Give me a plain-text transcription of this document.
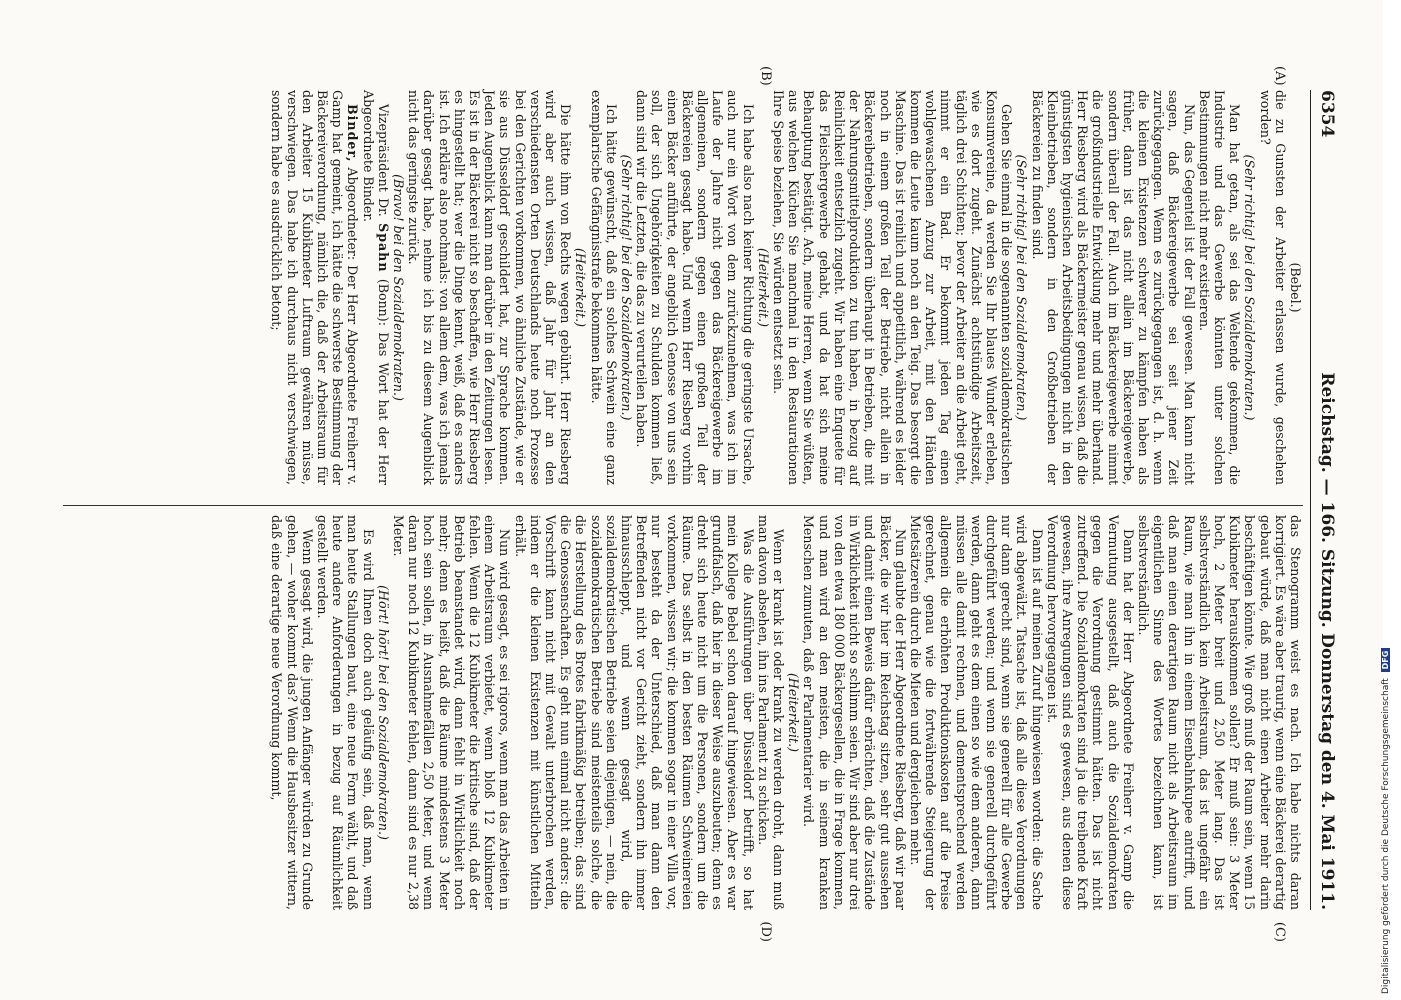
6354
Reichstag. — 166. Sitzung.
Donnerstag den 4. Mai 1911.
(A)
(B)
(C)
(D)

(Bebel.)

die zu Gunsten der Arbeiter erlassen wurde, geschehen worden?

(Sehr richtig! bei den Sozialdemokraten.)

Man hat getan, als sei das Weltende gekommen, die Industrie und das Gewerbe könnten unter solchen Bestimmungen nicht mehr existieren.

Nun, das Gegenteil ist der Fall gewesen. Man kann nicht sagen, daß Bäckereigewerbe sei seit jener Zeit zurückgegangen. Wenn es zurückgegangen ist, d. h. wenn die kleinen Existenzen schwerer zu kämpfen haben als früher, dann ist das nicht allein im Bäckereigewerbe, sondern überall der Fall. Auch im Bäckereigewerbe nimmt die großindustrielle Entwicklung mehr und mehr überhand. Herr Riesberg wird als Bäckermeister genau wissen, daß die günstigsten hygienischen Arbeitsbedingungen nicht in den Kleinbetrieben, sondern in den Großbetrieben der Bäckereien zu finden sind.

(Sehr richtig! bei den Sozialdemokraten.)

Gehen Sie einmal in die sogenannten sozialdemokratischen Konsumvereine, da werden Sie Ihr blaues Wunder erleben, wie es dort zugeht. Zunächst achtstündige Arbeitszeit, täglich drei Schichten; bevor der Arbeiter an die Arbeit geht, nimmt er ein Bad. Er bekommt jeden Tag einen wohlgewaschenen Anzug zur Arbeit, mit den Händen kommen die Leute kaum noch an den Teig. Das besorgt die Maschine. Das ist reinlich und appetitlich, während es leider noch in einem großen Teil der Betriebe, nicht allein in Bäckereibetrieben, sondern überhaupt in Betrieben, die mit der Nahrungsmittelproduktion zu tun haben, in bezug auf Reinlichkeit entsetzlich zugeht. Wir haben eine Enquete für das Fleischergewerbe gehabt, und da hat sich meine Behauptung bestätigt. Ach, meine Herren, wenn Sie wüßten, aus welchen Küchen Sie manchmal in den Restaurationen Ihre Speise beziehen, Sie würden entsetzt sein.

(Heiterkeit.)

Ich habe also nach keiner Richtung die geringste Ursache, auch nur ein Wort von dem zurückzunehmen, was ich im Laufe der Jahre nicht gegen das Bäckereigewerbe im allgemeinen, sondern gegen einen großen Teil der Bäckereien gesagt habe. Und wenn Herr Riesberg vorhin einen Bäcker anführte, der angeblich Genosse von uns sein soll, der sich Ungehörigkeiten zu Schulden kommen ließ, dann sind wir die Letzten, die das zu verurteilen haben.

(Sehr richtig! bei den Sozialdemokraten.)

Ich hätte gewünscht, daß ein solches Schwein eine ganz exemplarische Gefängnisstrafe bekommen hätte.

(Heiterkeit.)

Die hätte ihm von Rechts wegen gebührt. Herr Riesberg wird aber auch wissen, daß Jahr für Jahr an den verschiedensten Orten Deutschlands heute noch Prozesse bei den Gerichten vorkommen, wo ähnliche Zustände, wie er sie aus Düsseldorf geschildert hat, zur Sprache kommen. Jeden Augenblick kann man darüber in den Zeitungen lesen. Es ist in der Bäckerei nicht so beschaffen, wie Herr Riesberg es hingestellt hat; wer die Dinge kennt, weiß, daß es anders ist. Ich erkläre also nochmals: von allem dem, was ich jemals darüber gesagt habe, nehme ich bis zu diesem Augenblick nicht das geringste zurück.

(Bravo! bei den Sozialdemokraten.)

Vizepräsident Dr. Spahn (Bonn): Das Wort hat der Herr Abgeordnete Binder.

Binder, Abgeordneter: Der Herr Abgeordnete Freiherr v. Gamp hat gemeint, ich hätte die schwerste Bestimmung der Bäckereiverordnung, nämlich die, daß der Arbeitsraum für den Arbeiter 15 Kubikmeter Luftraum gewähren müsse, verschwiegen. Das habe ich durchaus nicht verschwiegen, sondern habe es ausdrücklich betont;

das Stenogramm weist es nach. Ich habe nichts daran korrigiert. Es wäre aber traurig, wenn eine Bäckerei derartig gebaut würde, daß man nicht einen Arbeiter mehr darin beschäftigen könnte. Wie groß muß der Raum sein, wenn 15 Kubikmeter herauskommen sollen? Er muß sein: 3 Meter hoch, 2 Meter breit und 2,50 Meter lang. Das ist selbstverständlich kein Arbeitsraum, das ist ungefähr ein Raum, wie man ihn in einem Eisenbahnkupee antrifft, und daß man einen derartigen Raum nicht als Arbeitsraum im eigentlichen Sinne des Wortes bezeichnen kann, ist selbstverständlich.

Dann hat der Herr Abgeordnete Freiherr v. Gamp die Vermutung ausgestellt, daß auch die Sozialdemokraten gegen die Verordnung gestimmt hätten. Das ist nicht zutreffend. Die Sozialdemokraten sind ja die treibende Kraft gewesen, ihre Anregungen sind es gewesen, aus denen diese Verordnung hervorgegangen ist.

Dann ist auf meinen Zuruf hingewiesen worden: die Sache wird abgewälzt. Tatsache ist, daß alle diese Verordnungen nur dann gerecht sind, wenn sie generell für alle Gewerbe durchgeführt werden; und wenn sie generell durchgeführt werden, dann geht es dem einen so wie dem anderen, dann müssen alle damit rechnen, und dementsprechend werden allgemein die erhöhten Produktionskosten auf die Preise gerechnet, genau wie die fortwährende Steigerung der Mietsätzerein durch die Mieten und dergleichen mehr.

Nun glaubte der Herr Abgeordnete Riesberg, daß wir paar Bäcker, die wir hier im Reichstag sitzen, sehr gut aussehen und damit einen Beweis dafür erbrächten, daß die Zustände in Wirklichkeit nicht so schlimm seien. Wir sind aber nur drei von den etwa 180 000 Bäckergesellen, die in Frage kommen, und man wird an den meisten, die in seinem kranken Menschen zumuten, daß er Parlamentarier wird.

(Heiterkeit.)

Wenn er krank ist oder krank zu werden droht, dann muß man davon absehen, ihn ins Parlament zu schicken.

Was die Ausführungen über Düsseldorf betrifft, so hat mein Kollege Bebel schon darauf hingewiesen. Aber es war grundfalsch, daß hier in dieser Weise auszubeuten; denn es dreht sich heute nicht um die Personen, sondern um die Räume. Das selbst in den besten Räumen Schweinereien vorkommen, wissen wir; die kommen sogar in einer Villa vor, nur besteht da der Unterschied, daß man dann den Betreffenden nicht vor Gericht zieht, sondern ihn immer hinausschleppt, und wenn gesagt wird, die sozialdemokratischen Betriebe seien diejenigen, — nein, die sozialdemokratischen Betriebe sind meistenteils solche, die die Herstellung des Brotes fabrikmäßig betreiben; das sind die Genossenschaften. Es geht nun einmal nicht anders: die Vorschrift kann nicht mit Gewalt unterbrochen werden, indem er die kleinen Existenzen mit künstlichen Mitteln erhält.

Nun wird gesagt, es sei rigoros, wenn man das Arbeiten in einem Arbeitsraum verbietet, wenn bloß 12 Kubikmeter fehlen. Wenn die 12 Kubikmeter die kritische sind, daß der Betrieb beanstandet wird, dann fehlt in Wirklichkeit noch mehr; denn es heißt, daß die Räume mindestens 3 Meter hoch sein sollen, in Ausnahmefällen 2,50 Meter, und wenn daran nur noch 12 Kubikmeter fehlen, dann sind es nur 2,38 Meter.

(Hört! hört! bei den Sozialdemokraten.)

Es wird Ihnen doch auch geläufig sein, daß man, wenn man heute Stallungen baut, eine neue Form wählt, und daß heute andere Anforderungen in bezug auf Räumlichkeit gestellt werden.

Wenn gesagt wird, die jungen Anfänger würden zu Grunde gehen, — woher kommt das? Wenn die Hausbesitzer wittern, daß eine derartige neue Verordnung kommt,

Digitalisierung gefördert durch die Deutsche Forschungsgemeinschaft DFG
